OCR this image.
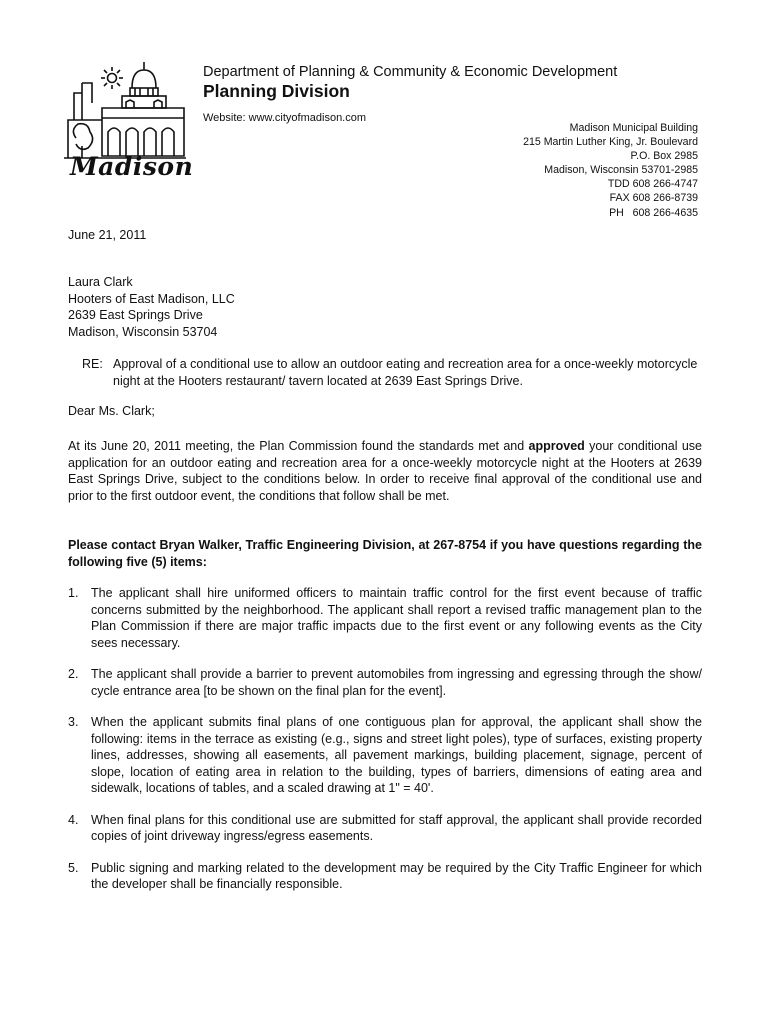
Madison
Department of Planning & Community & Economic Development
Planning Division
Website: www.cityofmadison.com
Madison Municipal Building
215 Martin Luther King, Jr. Boulevard
P.O. Box 2985
Madison, Wisconsin 53701-2985
TDD 608 266-4747
FAX 608 266-8739
PH   608 266-4635
June 21, 2011
Laura Clark
Hooters of East Madison, LLC
2639 East Springs Drive
Madison, Wisconsin 53704
RE: Approval of a conditional use to allow an outdoor eating and recreation area for a once-weekly motorcycle night at the Hooters restaurant/ tavern located at 2639 East Springs Drive.
Dear Ms. Clark;
At its June 20, 2011 meeting, the Plan Commission found the standards met and approved your conditional use application for an outdoor eating and recreation area for a once-weekly motorcycle night at the Hooters at 2639 East Springs Drive, subject to the conditions below. In order to receive final approval of the conditional use and prior to the first outdoor event, the conditions that follow shall be met.
Please contact Bryan Walker, Traffic Engineering Division, at 267-8754 if you have questions regarding the following five (5) items:
1. The applicant shall hire uniformed officers to maintain traffic control for the first event because of traffic concerns submitted by the neighborhood. The applicant shall report a revised traffic management plan to the Plan Commission if there are major traffic impacts due to the first event or any following events as the City sees necessary.
2. The applicant shall provide a barrier to prevent automobiles from ingressing and egressing through the show/ cycle entrance area [to be shown on the final plan for the event].
3. When the applicant submits final plans of one contiguous plan for approval, the applicant shall show the following: items in the terrace as existing (e.g., signs and street light poles), type of surfaces, existing property lines, addresses, showing all easements, all pavement markings, building placement, signage, percent of slope, location of eating area in relation to the building, types of barriers, dimensions of eating area and sidewalk, locations of tables, and a scaled drawing at 1" = 40'.
4. When final plans for this conditional use are submitted for staff approval, the applicant shall provide recorded copies of joint driveway ingress/egress easements.
5. Public signing and marking related to the development may be required by the City Traffic Engineer for which the developer shall be financially responsible.
